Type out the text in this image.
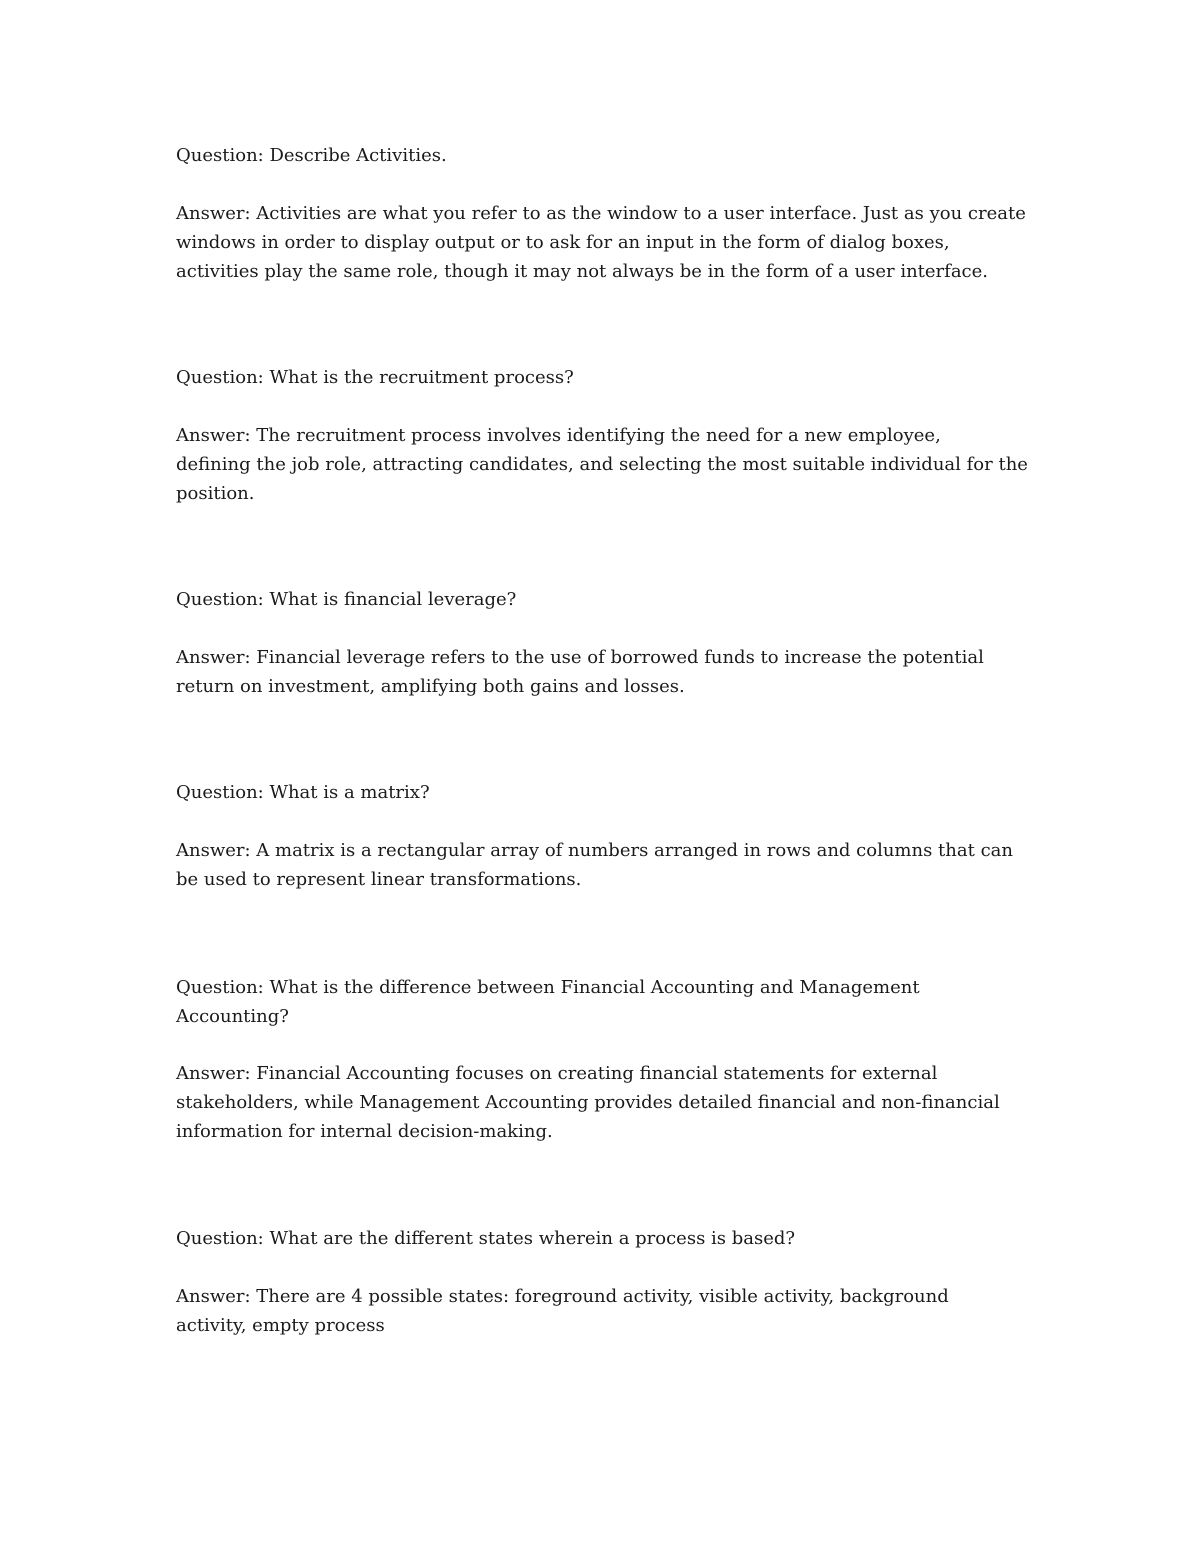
Question: Describe Activities.

Answer: Activities are what you refer to as the window to a user interface. Just as you create

windows in order to display output or to ask for an input in the form of dialog boxes,

activities play the same role, though it may not always be in the form of a user interface.

Question: What is the recruitment process?

Answer: The recruitment process involves identifying the need for a new employee,

defining the job role, attracting candidates, and selecting the most suitable individual for the

position.

Question: What is financial leverage?

Answer: Financial leverage refers to the use of borrowed funds to increase the potential

return on investment, amplifying both gains and losses.

Question: What is a matrix?

Answer: A matrix is a rectangular array of numbers arranged in rows and columns that can

be used to represent linear transformations.

Question: What is the difference between Financial Accounting and Management

Accounting?

Answer: Financial Accounting focuses on creating financial statements for external

stakeholders, while Management Accounting provides detailed financial and non-financial

information for internal decision-making.

Question: What are the different states wherein a process is based?

Answer: There are 4 possible states: foreground activity, visible activity, background

activity, empty process
